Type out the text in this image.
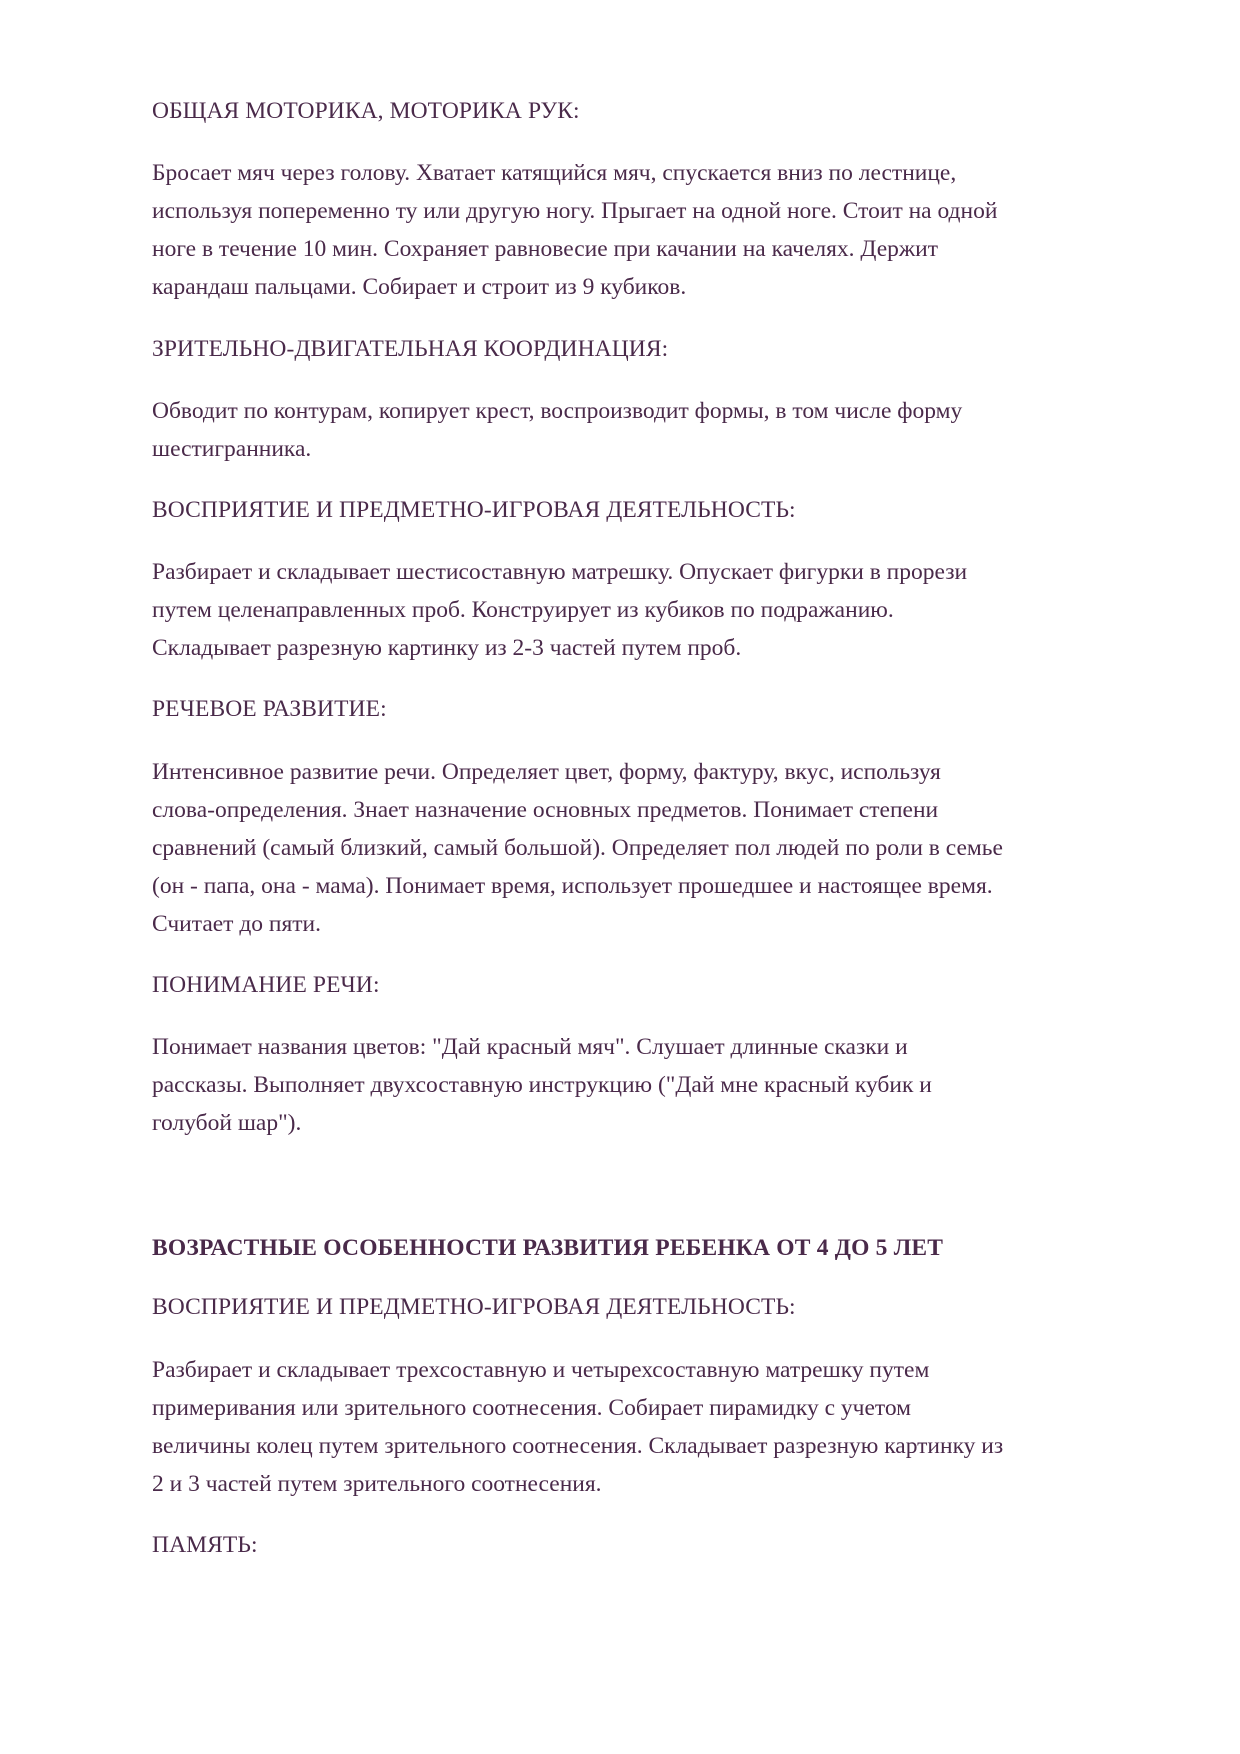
ОБЩАЯ МОТОРИКА, МОТОРИКА РУК:

Бросает мяч через голову. Хватает катящийся мяч, спускается вниз по лестнице, используя попеременно ту или другую ногу. Прыгает на одной ноге. Стоит на одной ноге в течение 10 мин. Сохраняет равновесие при качании на качелях. Держит карандаш пальцами. Собирает и строит из 9 кубиков.

ЗРИТЕЛЬНО-ДВИГАТЕЛЬНАЯ КООРДИНАЦИЯ:

Обводит по контурам, копирует крест, воспроизводит формы, в том числе форму шестигранника.

ВОСПРИЯТИЕ И ПРЕДМЕТНО-ИГРОВАЯ ДЕЯТЕЛЬНОСТЬ:

Разбирает и складывает шестисоставную матрешку. Опускает фигурки в прорези путем целенаправленных проб. Конструирует из кубиков по подражанию. Складывает разрезную картинку из 2-3 частей путем проб.

РЕЧЕВОЕ РАЗВИТИЕ:

Интенсивное развитие речи. Определяет цвет, форму, фактуру, вкус, используя слова-определения. Знает назначение основных предметов. Понимает степени сравнений (самый близкий, самый большой). Определяет пол людей по роли в семье (он - папа, она - мама). Понимает время, использует прошедшее и настоящее время. Считает до пяти.

ПОНИМАНИЕ РЕЧИ:

Понимает названия цветов: "Дай красный мяч". Слушает длинные сказки и рассказы. Выполняет двухсоставную инструкцию ("Дай мне красный кубик и голубой шар").

ВОЗРАСТНЫЕ ОСОБЕННОСТИ РАЗВИТИЯ РЕБЕНКА ОТ 4 ДО 5 ЛЕТ
ВОСПРИЯТИЕ И ПРЕДМЕТНО-ИГРОВАЯ ДЕЯТЕЛЬНОСТЬ:

Разбирает и складывает трехсоставную и четырехсоставную матрешку путем примеривания или зрительного соотнесения. Собирает пирамидку с учетом величины колец путем зрительного соотнесения. Складывает разрезную картинку из 2 и 3 частей путем зрительного соотнесения.

ПАМЯТЬ:
